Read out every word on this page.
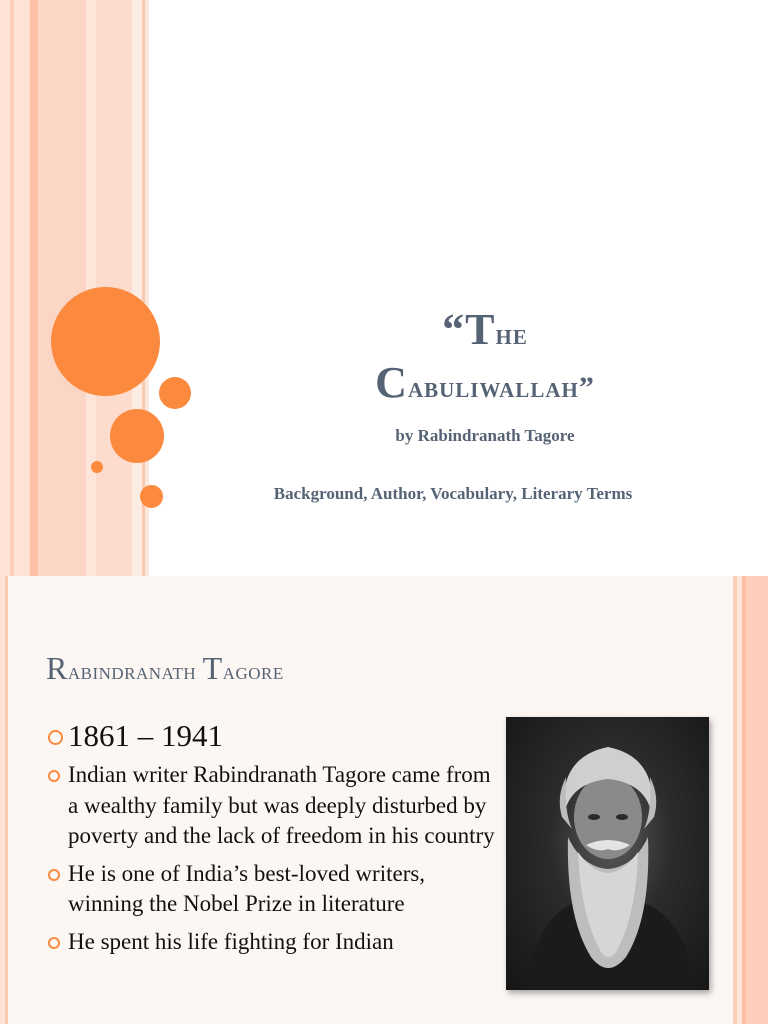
“The
Cabuliwallah”

by Rabindranath Tagore

Background, Author, Vocabulary, Literary Terms

Rabindranath Tagore
1861 – 1941
Indian writer Rabindranath Tagore came from a wealthy family but was deeply disturbed by poverty and the lack of freedom in his country
He is one of India’s best-loved writers, winning the Nobel Prize in literature
He spent his life fighting for Indian
